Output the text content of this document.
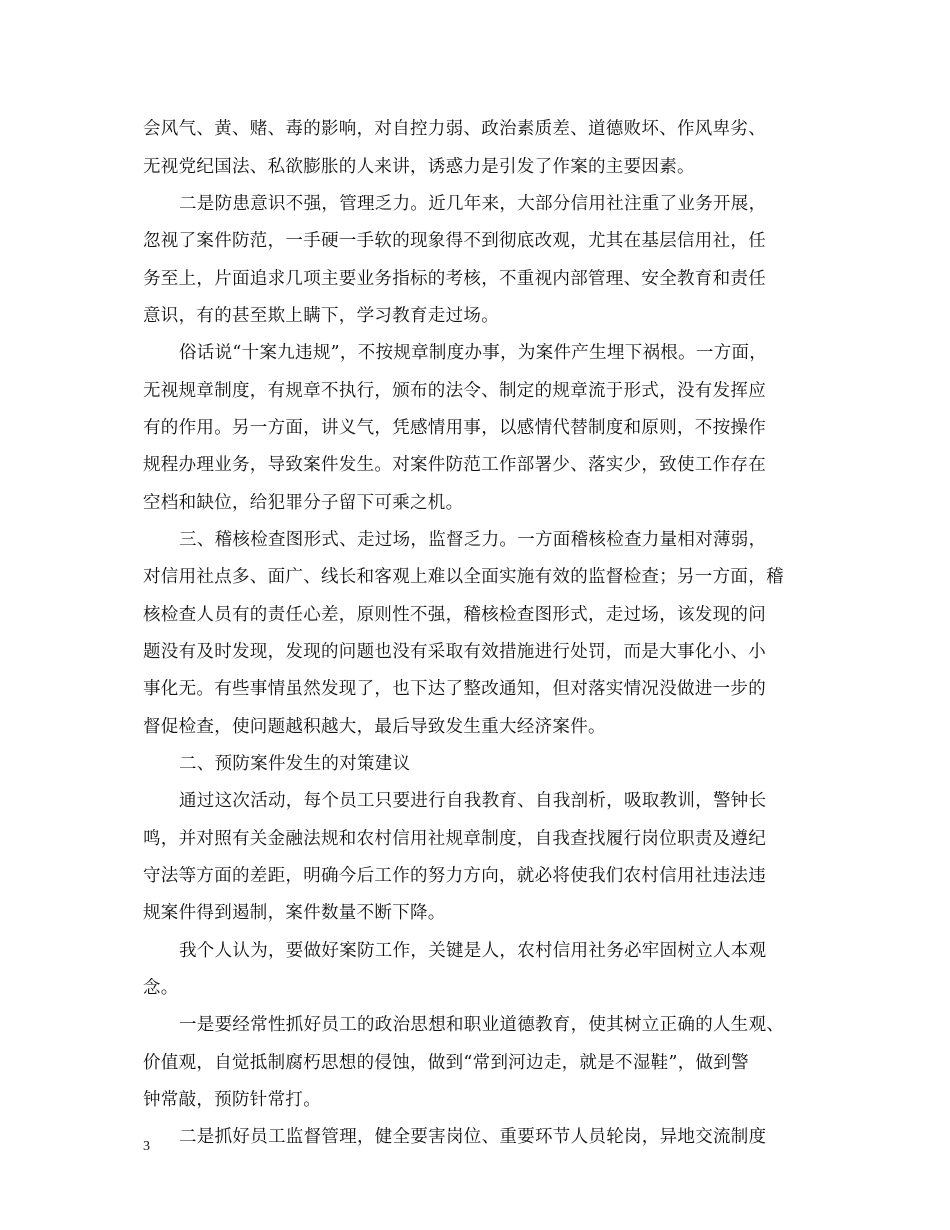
会风气、黄、赌、毒的影响，对自控力弱、政治素质差、道德败坏、作风卑劣、
无视党纪国法、私欲膨胀的人来讲，诱惑力是引发了作案的主要因素。
二是防患意识不强，管理乏力。近几年来，大部分信用社注重了业务开展，
忽视了案件防范，一手硬一手软的现象得不到彻底改观，尤其在基层信用社，任
务至上，片面追求几项主要业务指标的考核，不重视内部管理、安全教育和责任
意识，有的甚至欺上瞒下，学习教育走过场。
俗话说“十案九违规”，不按规章制度办事，为案件产生埋下祸根。一方面，
无视规章制度，有规章不执行，颁布的法令、制定的规章流于形式，没有发挥应
有的作用。另一方面，讲义气，凭感情用事，以感情代替制度和原则，不按操作
规程办理业务，导致案件发生。对案件防范工作部署少、落实少，致使工作存在
空档和缺位，给犯罪分子留下可乘之机。
三、稽核检查图形式、走过场，监督乏力。一方面稽核检查力量相对薄弱，
对信用社点多、面广、线长和客观上难以全面实施有效的监督检查；另一方面，稽
核检查人员有的责任心差，原则性不强，稽核检查图形式，走过场，该发现的问
题没有及时发现，发现的问题也没有采取有效措施进行处罚，而是大事化小、小
事化无。有些事情虽然发现了，也下达了整改通知，但对落实情况没做进一步的
督促检查，使问题越积越大，最后导致发生重大经济案件。
二、预防案件发生的对策建议
通过这次活动，每个员工只要进行自我教育、自我剖析，吸取教训，警钟长
鸣，并对照有关金融法规和农村信用社规章制度，自我查找履行岗位职责及遵纪
守法等方面的差距，明确今后工作的努力方向，就必将使我们农村信用社违法违
规案件得到遏制，案件数量不断下降。
我个人认为，要做好案防工作，关键是人，农村信用社务必牢固树立人本观
念。
一是要经常性抓好员工的政治思想和职业道德教育，使其树立正确的人生观、
价值观，自觉抵制腐朽思想的侵蚀，做到“常到河边走，就是不湿鞋”，做到警
钟常敲，预防针常打。
二是抓好员工监督管理，健全要害岗位、重要环节人员轮岗，异地交流制度
3
